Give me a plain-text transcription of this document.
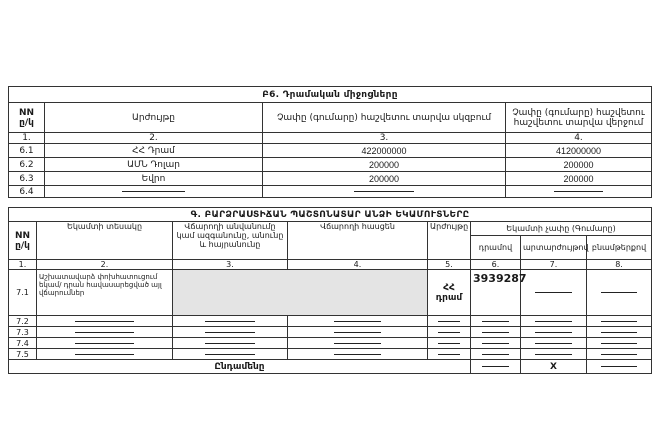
Բ6. Դրամական միջոցները			
NN
ը/կ	Արժույթը	Չափը (գումարը) հաշվետու տարվա սկզբում	Չափը (գումարը) հաշվետու հաշվետու տարվա վերջում
1.	2.	3.	4.
6.1	ՀՀ Դրամ	422000000	412000000
6.2	ԱՄՆ Դոլար	200000	200000
6.3	Եվրո	200000	200000
6.4	

Գ. ԲԱՐՁՐԱՍՏԻՃԱՆ ՊԱՇՏՈՆԱՏԱՐ ԱՆՁԻ ԵԿԱՄՈՒՏՆԵՐԸ							
NN
ը/կ	Եկամտի տեսակը	Վճարողի անվանումը կամ ազգանունը, անունը և հայրանունը	Վճարողի հասցեն	Արժույթը	Եկամտի չափը (Գումարը)		
					դրամով	արտարժույթով	բնամթերքով
1.	2.	3.	4.	5.	6.	7.	8.
7.1	Աշխատավարձ փոխհատուցում եկամ/ դրան հավասարեցված այլ վճարումներ			ՀՀ դրամ	3939287	

7.2	

7.3	

7.4	

7.5	

Ընդամենը						X	
